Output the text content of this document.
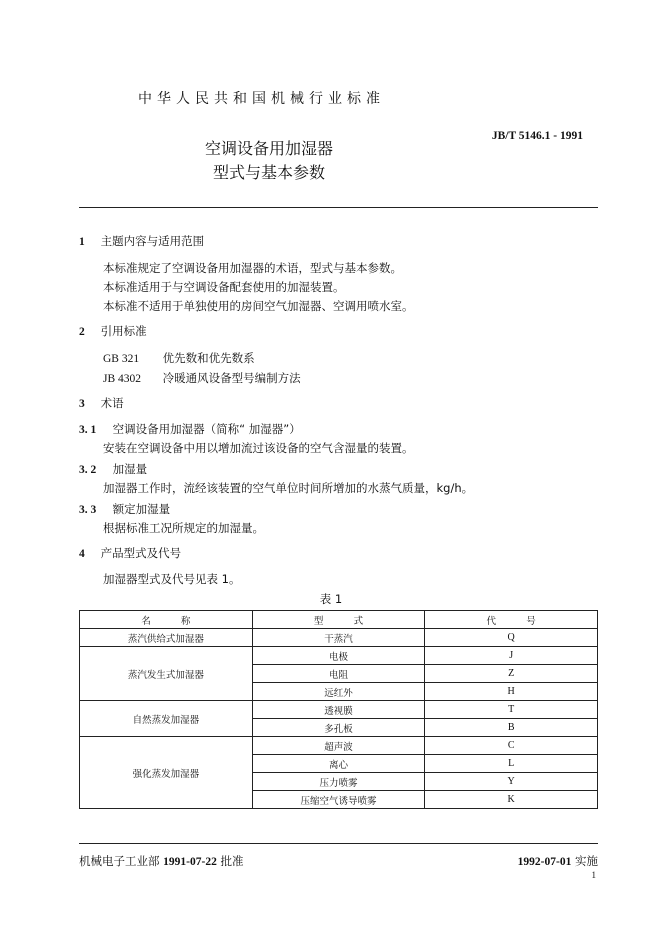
中华人民共和国机械行业标准
JB/T 5146.1 - 1991
空调设备用加湿器
型式与基本参数
1 主题内容与适用范围
本标准规定了空调设备用加湿器的术语，型式与基本参数。
本标准适用于与空调设备配套使用的加湿装置。
本标准不适用于单独使用的房间空气加湿器、空调用喷水室。
2 引用标准
GB 321 优先数和优先数系
JB 4302 冷暖通风设备型号编制方法
3 术语
3. 1 空调设备用加湿器（简称“ 加湿器”）
安装在空调设备中用以增加流过该设备的空气含湿量的装置。
3. 2 加湿量
加湿器工作时，流经该装置的空气单位时间所增加的水蒸气质量，kg/h。
3. 3 额定加湿量
根据标准工况所规定的加湿量。
4 产品型式及代号
加湿器型式及代号见表 1。
表 1
名          称	型          式	代          号
蒸汽供给式加湿器	干蒸汽	Q
蒸汽发生式加湿器	电极	J
	电阻	Z
	远红外	H
自然蒸发加湿器	透视膜	T
	多孔板	B
强化蒸发加湿器	超声波	C
	离心	L
	压力喷雾	Y
	压缩空气诱导喷雾	K
机械电子工业部 1991-07-22 批准	1992-07-01 实施
1
